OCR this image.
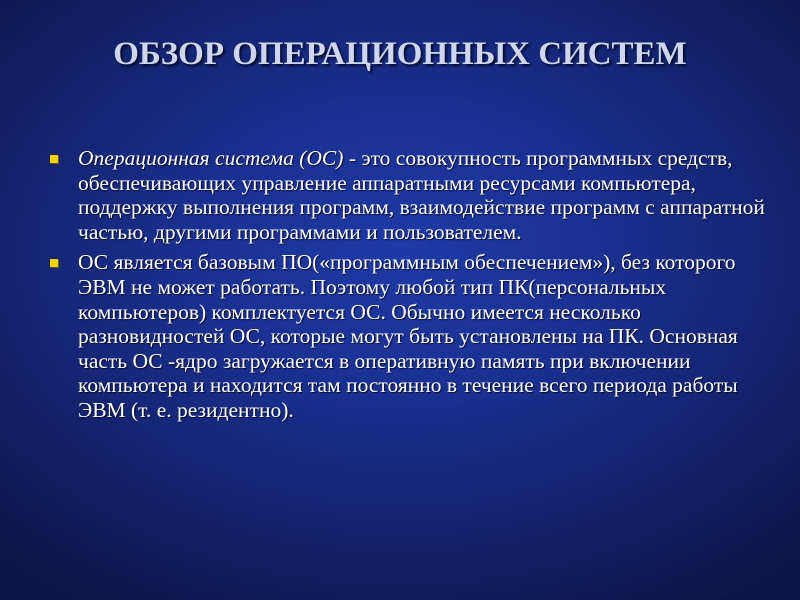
ОБЗОР ОПЕРАЦИОННЫХ СИСТЕМ
Операционная система (ОС) - это совокупность программных средств, обеспечивающих управление аппаратными ресурсами компьютера, поддержку выполнения программ, взаимодействие программ с аппаратной частью, другими программами и пользователем.
ОС является базовым ПО(«программным обеспечением»), без которого ЭВМ не может работать. Поэтому любой тип ПК(персональных компьютеров) комплектуется ОС. Обычно имеется несколько разновидностей ОС, которые могут быть установлены на ПК. Основная часть ОС -ядро загружается в оперативную память при включении компьютера и находится там постоянно в течение всего периода работы ЭВМ (т. е. резидентно).
